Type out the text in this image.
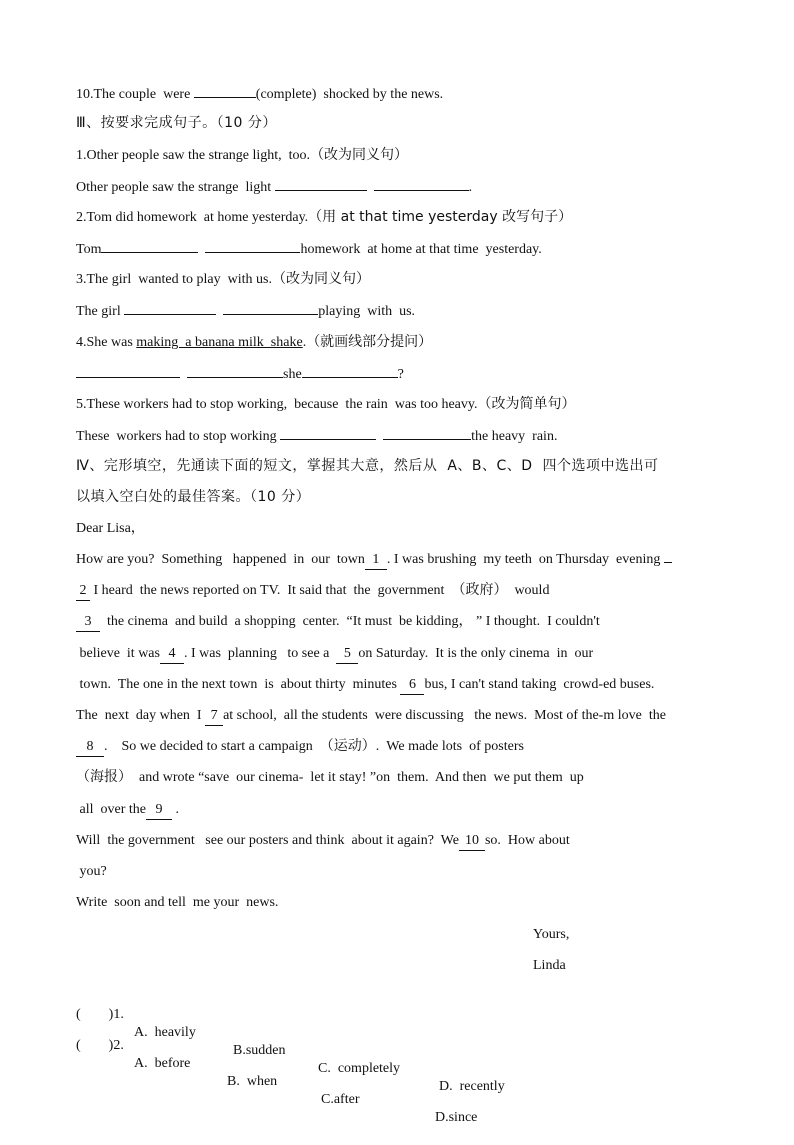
10.The couple  were	(complete)  shocked by the news.
Ⅲ、按要求完成句子。（10 分）
1.Other people saw the strange light,  too.（改为同义句）
Other people saw the strange  light	.
2.Tom did homework  at home yesterday.（用 at that time yesterday 改写句子）
Tom	homework  at home at that time  yesterday.
3.The girl  wanted to play  with us.（改为同义句）
The girl	playing  with  us.
4.She was making  a banana milk  shake.（就画线部分提问）
she	?
5.These workers had to stop working,  because  the rain  was too heavy.（改为简单句）
These  workers had to stop working	the heavy  rain.
Ⅳ、完形填空，先通读下面的短文，掌握其大意，然后从  A、B、C、D  四个选项中选出可
以填入空白处的最佳答案。（10 分）
Dear Lisa，
How are you?  Something   happened  in  our  town 1 . I was brushing  my teeth  on Thursday  evening
2 I heard  the news reported on TV.  It said that  the  government  （政府）  would
3  the cinema  and build  a shopping  center.  “It must  be kidding， ” I thought.  I couldn't
believe  it was 4 . I was  planning   to see a  5 on Saturday.  It is the only cinema  in  our
town.  The one in the next town  is  about thirty  minutes 6 bus, I can't stand taking  crowd-ed buses.
The  next  day when  I 7 at school,  all the students  were discussing   the news.  Most of the-m love  the
8 .    So we decided to start a campaign  （运动）.  We made lots  of posters
（海报）  and wrote “save  our cinema-  let it stay! ”on  them.  And then  we put them  up
all  over the 9 .
Will  the government   see our posters and think  about it again?  We 10 so.  How about
you?
Write  soon and tell  me your  news.
Yours,
Linda

(        )1.

A.  heavily

B.sudden

C.  completely

D.  recently

(        )2.

A.  before

B.  when

C.after

D.since
